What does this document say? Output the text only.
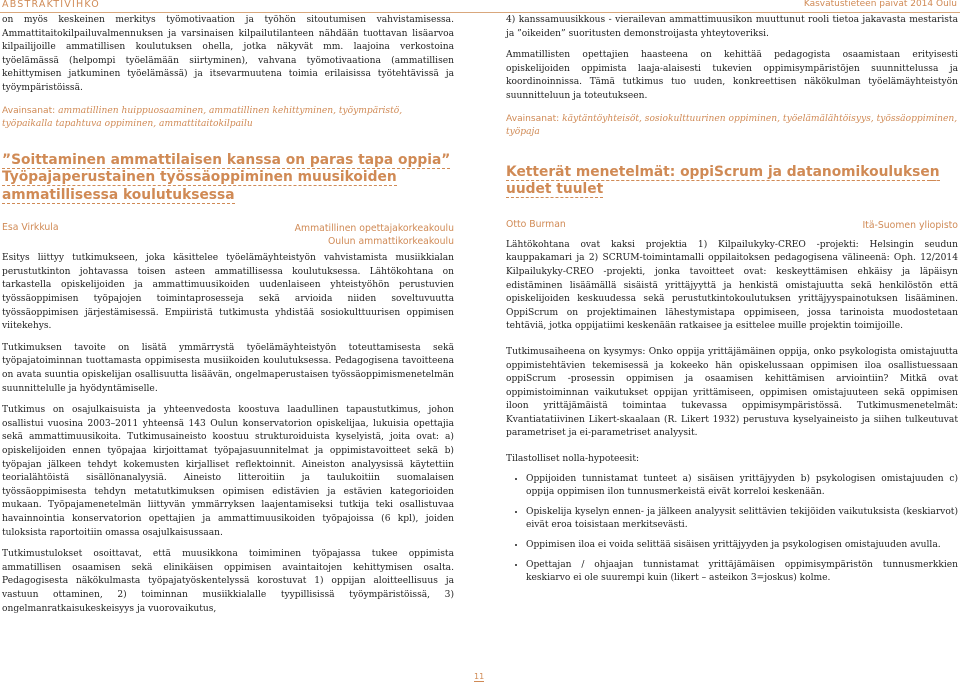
ABSTRAKTIVIHKO	Kasvatustieteen päivät 2014 Oulu

on myös keskeinen merkitys työmotivaation ja työhön sitoutumisen vahvistamisessa. Ammattitaitokilpailuvalmennuksen ja varsinaisen kilpailutilanteen nähdään tuottavan lisäarvoa kilpailijoille ammatillisen koulutuksen ohella, jotka näkyvät mm. laajoina verkostoina työelämässä (helpompi työelämään siirtyminen), vahvana työmotivaationa (ammatillisen kehittymisen jatkuminen työelämässä) ja itsevarmuutena toimia erilaisissa työtehtävissä ja työympäristöissä.

Avainsanat: ammatillinen huippuosaaminen, ammatillinen kehittyminen, työympäristö, työpaikalla tapahtuva oppiminen, ammattitaitokilpailu
”Soittaminen ammattilaisen kanssa on paras tapa oppia”
Työpajaperustainen työssäoppiminen muusikoiden
ammatillisessa koulutuksessa
Esa Virkkula	Ammatillinen opettajakorkeakoulu
Oulun ammattikorkeakoulu

Esitys liittyy tutkimukseen, joka käsittelee työelämäyhteistyön vahvistamista musiikkialan perustutkinton johtavassa toisen asteen ammatillisessa koulutuksessa. Lähtökohtana on tarkastella opiskelijoiden ja ammattimuusikoiden uudenlaiseen yhteistyöhön perustuvien työssäoppimisen työpajojen toimintaprosesseja sekä arvioida niiden soveltuvuutta työssäoppimisen järjestämisessä. Empiiristä tutkimusta yhdistää sosiokulttuurisen oppimisen viitekehys.

Tutkimuksen tavoite on lisätä ymmärrystä työelämäyhteistyön toteuttamisesta sekä työpajatoiminnan tuottamasta oppimisesta musiikoiden koulutuksessa. Pedagogisena tavoitteena on avata suuntia opiskelijan osallisuutta lisäävän, ongelmaperustaisen työssäoppimismenetelmän suunnittelulle ja hyödyntämiselle.

Tutkimus on osajulkaisuista ja yhteenvedosta koostuva laadullinen tapaustutkimus, johon osallistui vuosina 2003–2011 yhteensä 143 Oulun konservatorion opiskelijaa, lukuisia opettajia sekä ammattimuusikoita. Tutkimusaineisto koostuu strukturoiduista kyselyistä, joita ovat: a) opiskelijoiden ennen työpajaa kirjoittamat työpajasuunnitelmat ja oppimistavoitteet sekä b) työpajan jälkeen tehdyt kokemusten kirjalliset reflektoinnit. Aineiston analyysissä käytettiin teorialähtöistä sisällönanalyysiä. Aineisto litteroitiin ja taulukoitiin suomalaisen työssäoppimisesta tehdyn metatutkimuksen opimisen edistävien ja estävien kategorioiden mukaan. Työpajamenetelmän liittyvän ymmärryksen laajentamiseksi tutkija teki osallistuvaa havainnointia konservatorion opettajien ja ammattimuusikoiden työpajoissa (6 kpl), joiden tuloksista raportoitiin omassa osajulkaisussaan.

Tutkimustulokset osoittavat, että muusikkona toimiminen työpajassa tukee oppimista ammatillisen osaamisen sekä elinikäisen oppimisen avaintaitojen kehittymisen osalta. Pedagogisesta näkökulmasta työpajatyöskentelyssä korostuvat 1) oppijan aloitteellisuus ja vastuun ottaminen, 2) toiminnan musiikkialalle tyypillisissä työympäristöissä, 3) ongelmanratkaisukeskeisyys ja vuorovaikutus,

4) kanssamuusikkous - vierailevan ammattimuusikon muuttunut rooli tietoa jakavasta mestarista ja ”oikeiden” suoritusten demonstroijasta yhteytoveriksi.

Ammatillisten opettajien haasteena on kehittää pedagogista osaamistaan erityisesti opiskelijoiden oppimista laaja-alaisesti tukevien oppimisympäristöjen suunnittelussa ja koordinoinnissa. Tämä tutkimus tuo uuden, konkreettisen näkökulman työelämäyhteistyön suunnitteluun ja toteutukseen.

Avainsanat: käytäntöyhteisöt, sosiokulttuurinen oppiminen, työelämälähtöisyys, työssäoppiminen, työpaja
Ketterät menetelmät: oppiScrum ja datanomikouluksen
uudet tuulet
Otto Burman	Itä-Suomen yliopisto

Lähtökohtana ovat kaksi projektia 1) Kilpailukyky-CREO -projekti: Helsingin seudun kauppakamari ja 2) SCRUM-toimintamalli oppilaitoksen pedagogisena välineenä: Oph. 12/2014 Kilpailukyky-CREO -projekti, jonka tavoitteet ovat: keskeyttämisen ehkäisy ja läpäisyn edistäminen lisäämällä sisäistä yrittäjyyttä ja henkistä omistajuutta sekä henkilöstön että opiskelijoiden keskuudessa sekä perustutkintokoulutuksen yrittäjyyspainotuksen lisääminen. OppiScrum on projektimainen lähestymistapa oppimiseen, jossa tarinoista muodostetaan tehtäviä, jotka oppijatiimi keskenään ratkaisee ja esittelee muille projektin toimijoille.

Tutkimusaiheena on kysymys: Onko oppija yrittäjämäinen oppija, onko psykologista omistajuutta oppimistehtävien tekemisessä ja kokeeko hän opiskelussaan oppimisen iloa osallistuessaan oppiScrum -prosessin oppimisen ja osaamisen kehittämisen arviointiin? Mitkä ovat oppimistoiminnan vaikutukset oppijan yrittämiseen, oppimisen omistajuuteen sekä oppimisen iloon yrittäjämäistä toimintaa tukevassa oppimisympäristössä. Tutkimusmenetelmät: Kvantiatatiivinen Likert-skaalaan (R. Likert 1932) perustuva kyselyaineisto ja siihen tulkeutuvat parametriset ja ei-parametriset analyysit.

Tilastolliset nolla-hypoteesit:

• Oppijoiden tunnistamat tunteet a) sisäisen yrittäjyyden b) psykologisen omistajuuden c) oppija oppimisen ilon tunnusmerkeistä eivät korreloi keskenään.
• Opiskelija kyselyn ennen- ja jälkeen analyysit selittävien tekijöiden vaikutuksista (keskiarvot) eivät eroa toisistaan merkitsevästi.
• Oppimisen iloa ei voida selittää sisäisen yrittäjyyden ja psykologisen omistajuuden avulla.
• Opettajan / ohjaajan tunnistamat yrittäjämäisen oppimisympäristön tunnusmerkkien keskiarvo ei ole suurempi kuin (likert – asteikon 3=joskus) kolme.
11
